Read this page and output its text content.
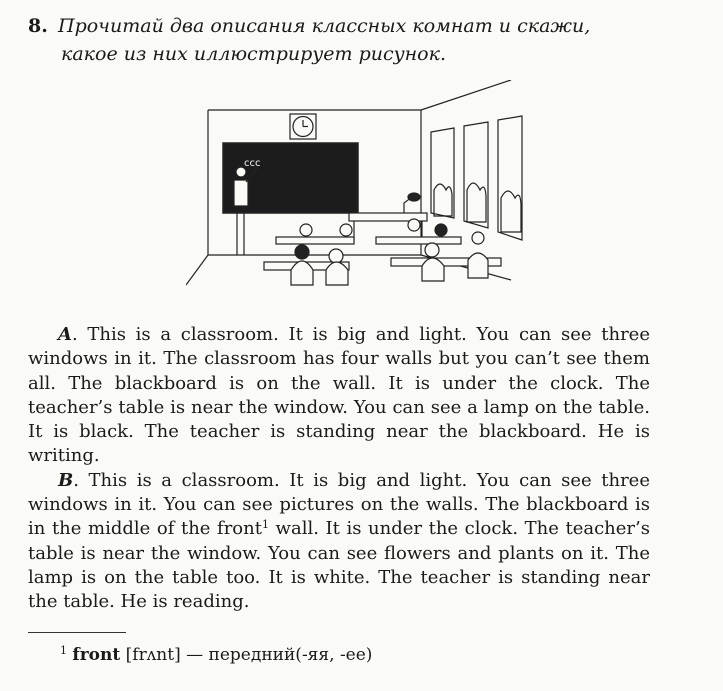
8. Прочитай два описания классных комнат и скажи,
какое из них иллюстрирует рисунок.
ccc

A. This is a classroom. It is big and light. You can see three windows in it. The classroom has four walls but you can’t see them all. The blackboard is on the wall. It is under the clock. The teacher’s table is near the window. You can see a lamp on the table. It is black. The teacher is standing near the blackboard. He is writing.

B. This is a classroom. It is big and light. You can see three windows in it. You can see pictures on the walls. The blackboard is in the middle of the front$^1$ wall. It is under the clock. The teacher’s table is near the window. You can see flowers and plants on it. The lamp is on the table too. It is white. The teacher is standing near the table. He is reading.

$^1$ front [frʌnt] — передний(-яя, -ее)
